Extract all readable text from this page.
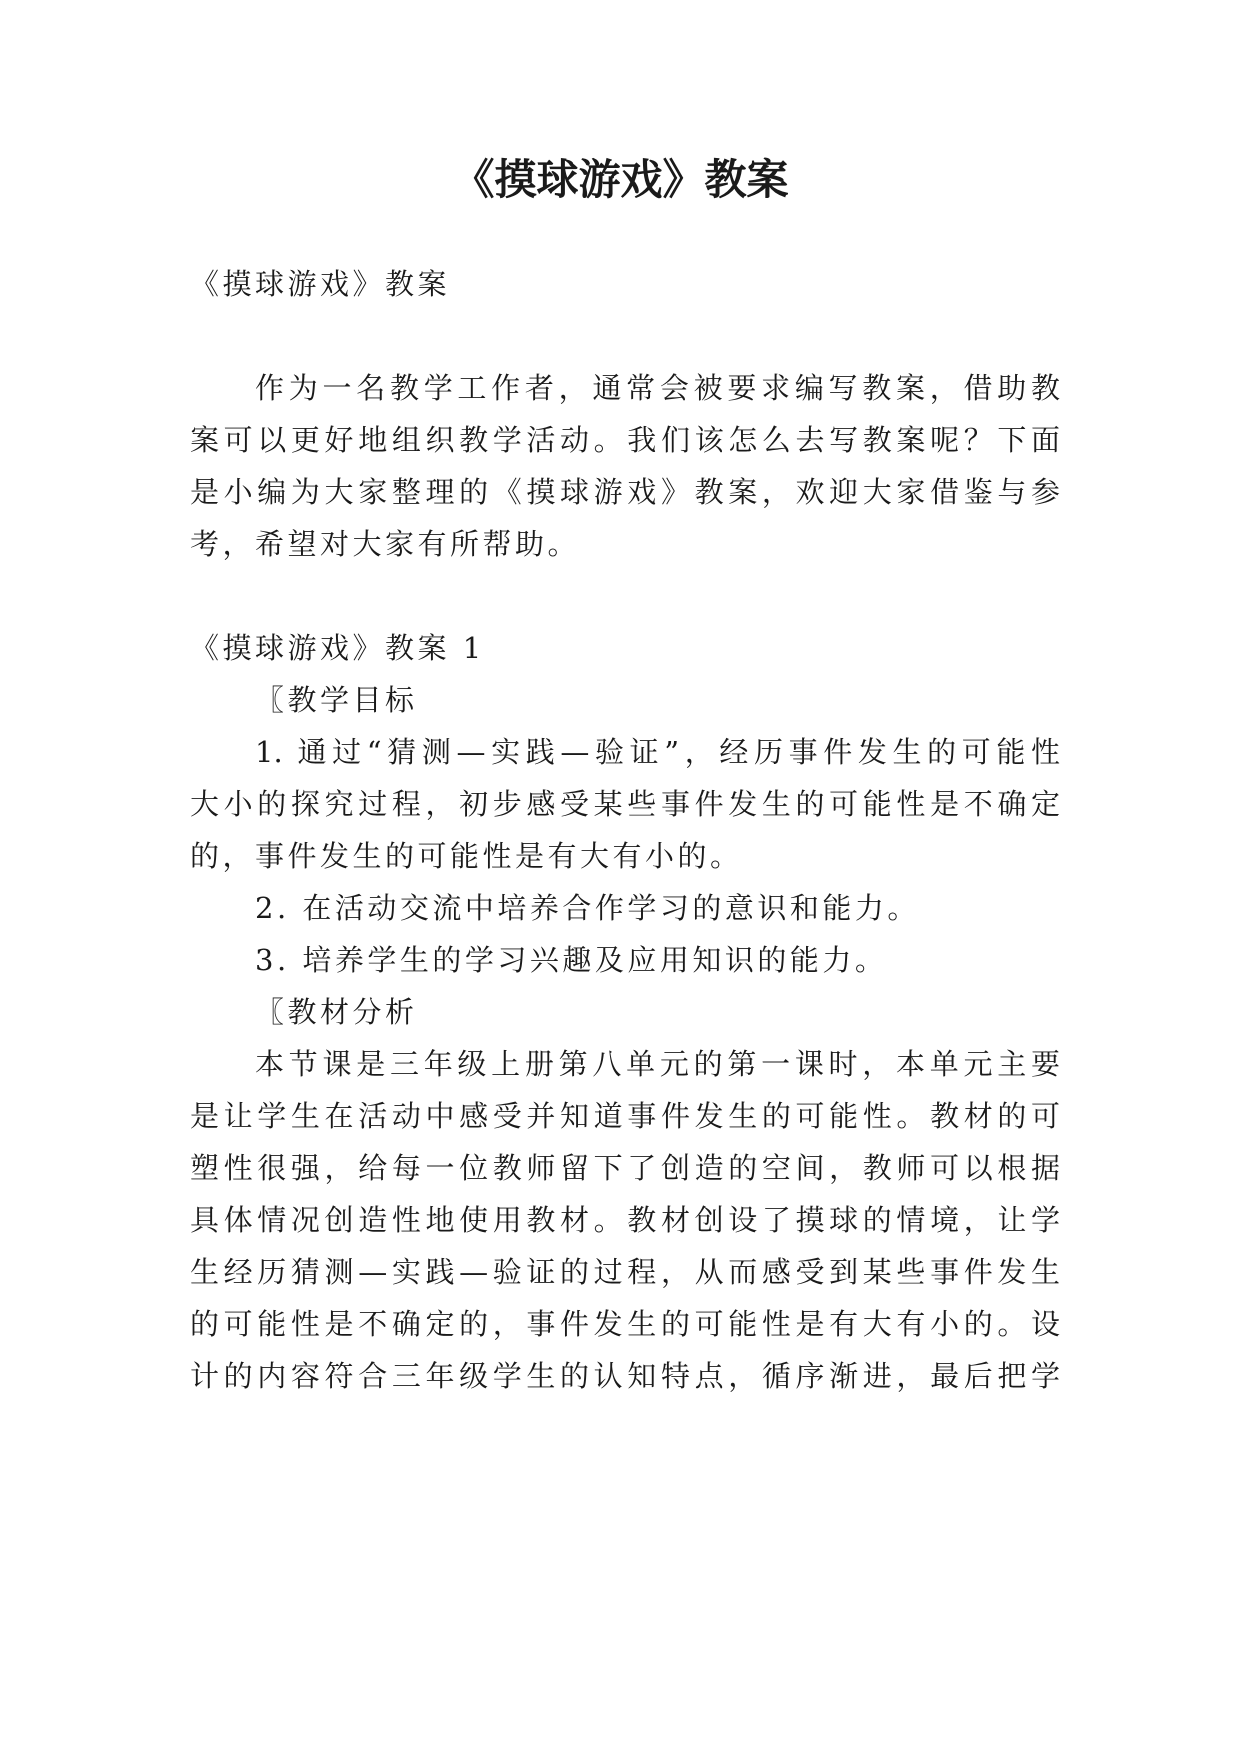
《摸球游戏》教案
《摸球游戏》教案
作为一名教学工作者，通常会被要求编写教案，借助教
案可以更好地组织教学活动。我们该怎么去写教案呢？下面
是小编为大家整理的《摸球游戏》教案，欢迎大家借鉴与参
考，希望对大家有所帮助。
《摸球游戏》教案 1
〖教学目标
1. 通过“猜测—实践—验证”，经历事件发生的可能性
大小的探究过程，初步感受某些事件发生的可能性是不确定
的，事件发生的可能性是有大有小的。
2. 在活动交流中培养合作学习的意识和能力。
3. 培养学生的学习兴趣及应用知识的能力。
〖教材分析
本节课是三年级上册第八单元的第一课时，本单元主要
是让学生在活动中感受并知道事件发生的可能性。教材的可
塑性很强，给每一位教师留下了创造的空间，教师可以根据
具体情况创造性地使用教材。教材创设了摸球的情境，让学
生经历猜测—实践—验证的过程，从而感受到某些事件发生
的可能性是不确定的，事件发生的可能性是有大有小的。设
计的内容符合三年级学生的认知特点，循序渐进，最后把学
